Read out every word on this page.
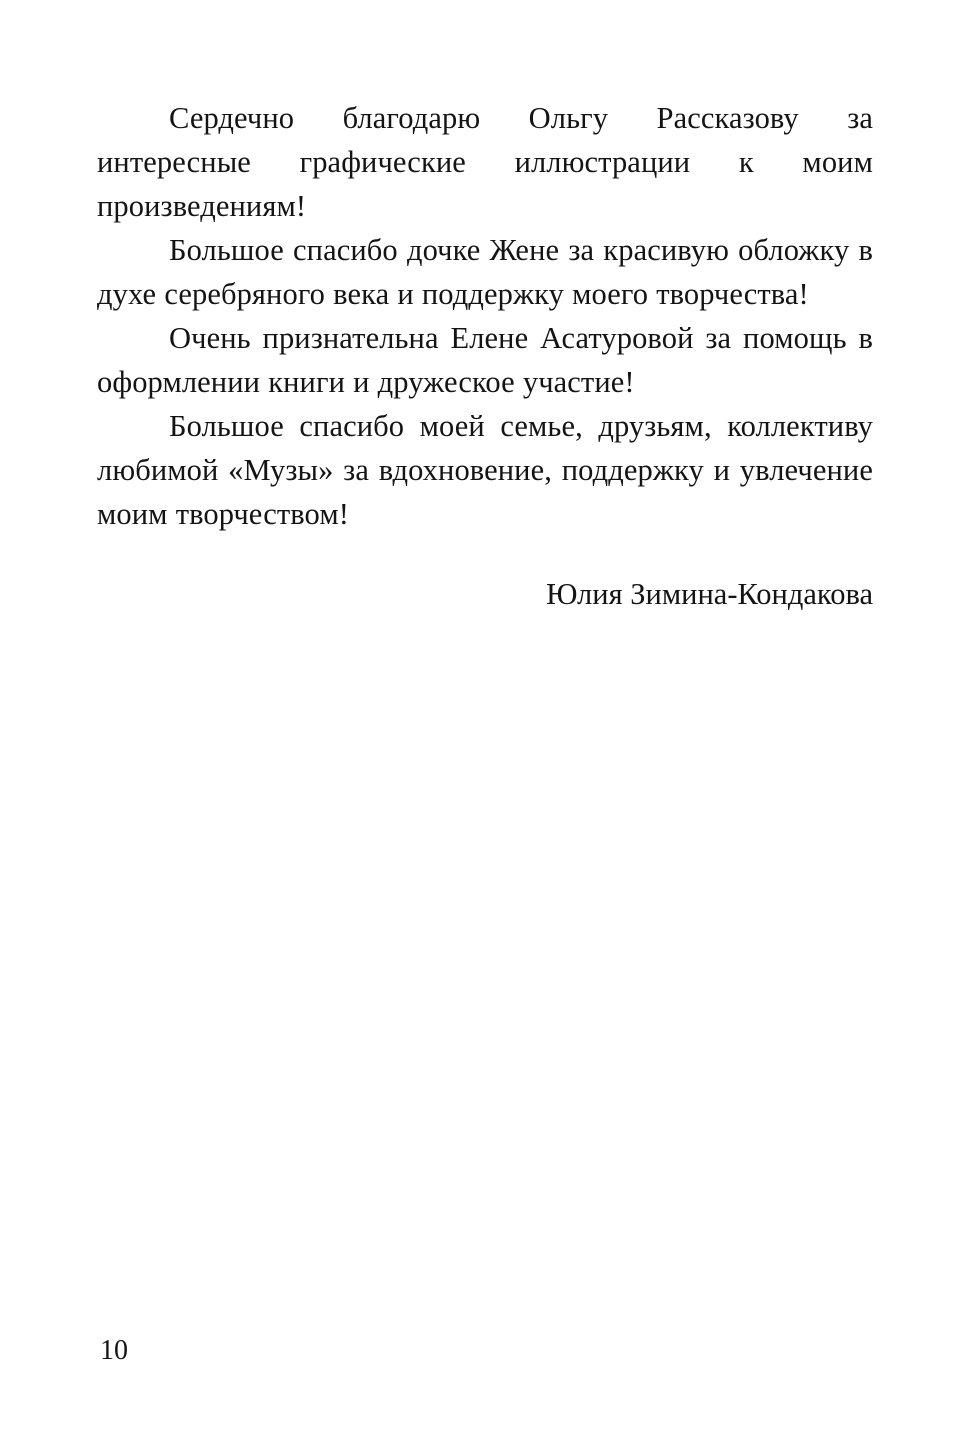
Сердечно благодарю Ольгу Рассказову за интересные графические иллюстрации к моим произведениям!

Большое спасибо дочке Жене за красивую обложку в духе серебряного века и поддержку моего творчества!

Очень признательна Елене Асатуровой за помощь в оформлении книги и дружеское участие!

Большое спасибо моей семье, друзьям, коллективу любимой «Музы» за вдохновение, поддержку и увлечение моим творчеством!

Юлия Зимина-Кондакова

10
